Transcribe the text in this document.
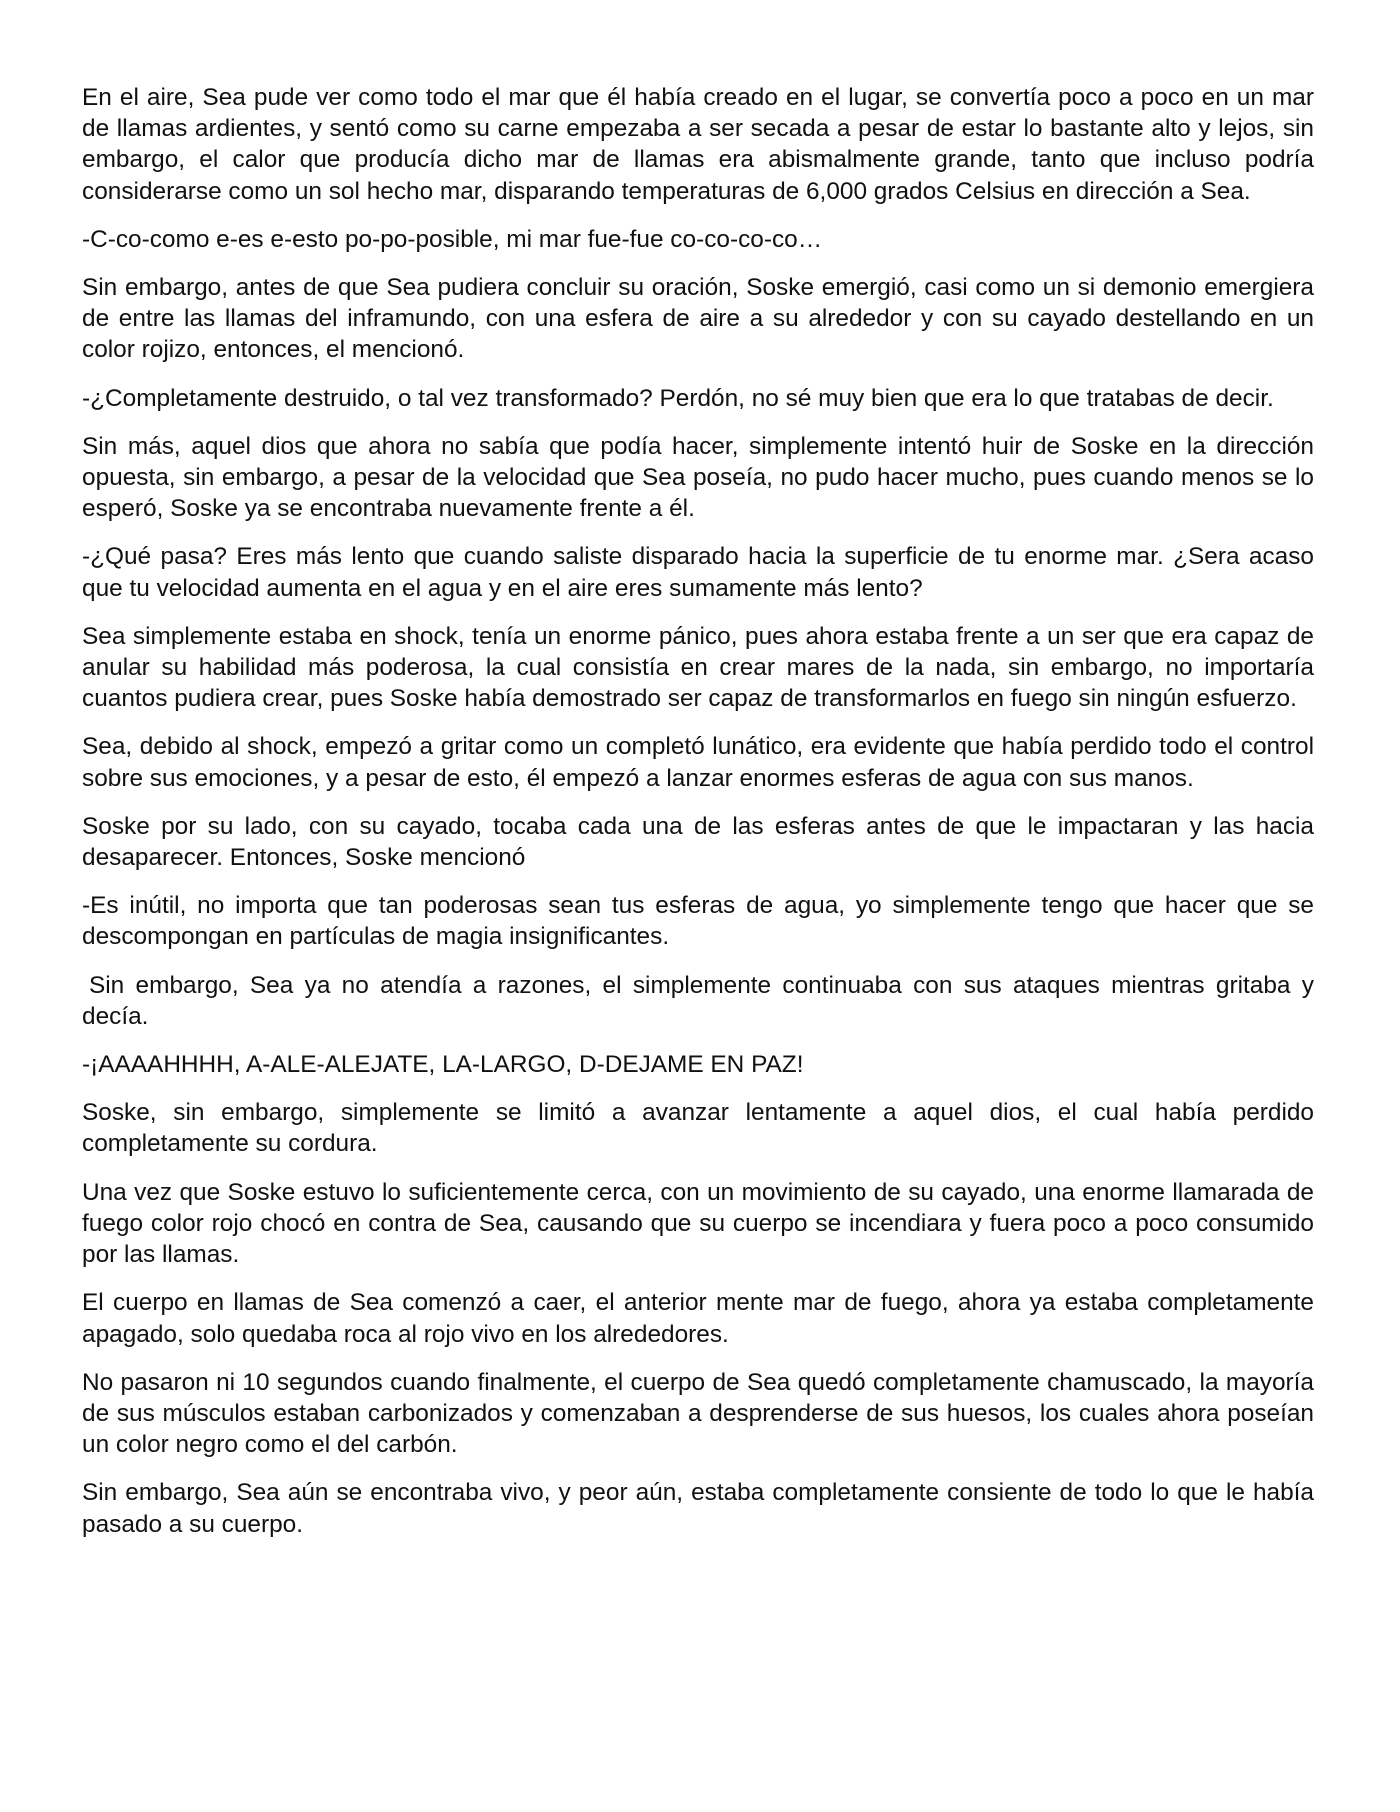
En el aire, Sea pude ver como todo el mar que él había creado en el lugar, se convertía poco a poco en un mar de llamas ardientes, y sentó como su carne empezaba a ser secada a pesar de estar lo bastante alto y lejos, sin embargo, el calor que producía dicho mar de llamas era abismalmente grande, tanto que incluso podría considerarse como un sol hecho mar, disparando temperaturas de 6,000 grados Celsius en dirección a Sea.

-C-co-como e-es e-esto po-po-posible, mi mar fue-fue co-co-co-co…

Sin embargo, antes de que Sea pudiera concluir su oración, Soske emergió, casi como un si demonio emergiera de entre las llamas del inframundo, con una esfera de aire a su alrededor y con su cayado destellando en un color rojizo, entonces, el mencionó.

-¿Completamente destruido, o tal vez transformado? Perdón, no sé muy bien que era lo que tratabas de decir.

Sin más, aquel dios que ahora no sabía que podía hacer, simplemente intentó huir de Soske en la dirección opuesta, sin embargo, a pesar de la velocidad que Sea poseía, no pudo hacer mucho, pues cuando menos se lo esperó, Soske ya se encontraba nuevamente frente a él.

-¿Qué pasa? Eres más lento que cuando saliste disparado hacia la superficie de tu enorme mar. ¿Sera acaso que tu velocidad aumenta en el agua y en el aire eres sumamente más lento?

Sea simplemente estaba en shock, tenía un enorme pánico, pues ahora estaba frente a un ser que era capaz de anular su habilidad más poderosa, la cual consistía en crear mares de la nada, sin embargo, no importaría cuantos pudiera crear, pues Soske había demostrado ser capaz de transformarlos en fuego sin ningún esfuerzo.

Sea, debido al shock, empezó a gritar como un completó lunático, era evidente que había perdido todo el control sobre sus emociones, y a pesar de esto, él empezó a lanzar enormes esferas de agua con sus manos.

Soske por su lado, con su cayado, tocaba cada una de las esferas antes de que le impactaran y las hacia desaparecer. Entonces, Soske mencionó

-Es inútil, no importa que tan poderosas sean tus esferas de agua, yo simplemente tengo que hacer que se descompongan en partículas de magia insignificantes.

Sin embargo, Sea ya no atendía a razones, el simplemente continuaba con sus ataques mientras gritaba y decía.

-¡AAAAHHHH, A-ALE-ALEJATE, LA-LARGO, D-DEJAME EN PAZ!

Soske, sin embargo, simplemente se limitó a avanzar lentamente a aquel dios, el cual había perdido completamente su cordura.

Una vez que Soske estuvo lo suficientemente cerca, con un movimiento de su cayado, una enorme llamarada de fuego color rojo chocó en contra de Sea, causando que su cuerpo se incendiara y fuera poco a poco consumido por las llamas.

El cuerpo en llamas de Sea comenzó a caer, el anterior mente mar de fuego, ahora ya estaba completamente apagado, solo quedaba roca al rojo vivo en los alrededores.

No pasaron ni 10 segundos cuando finalmente, el cuerpo de Sea quedó completamente chamuscado, la mayoría de sus músculos estaban carbonizados y comenzaban a desprenderse de sus huesos, los cuales ahora poseían un color negro como el del carbón.

Sin embargo, Sea aún se encontraba vivo, y peor aún, estaba completamente consiente de todo lo que le había pasado a su cuerpo.
